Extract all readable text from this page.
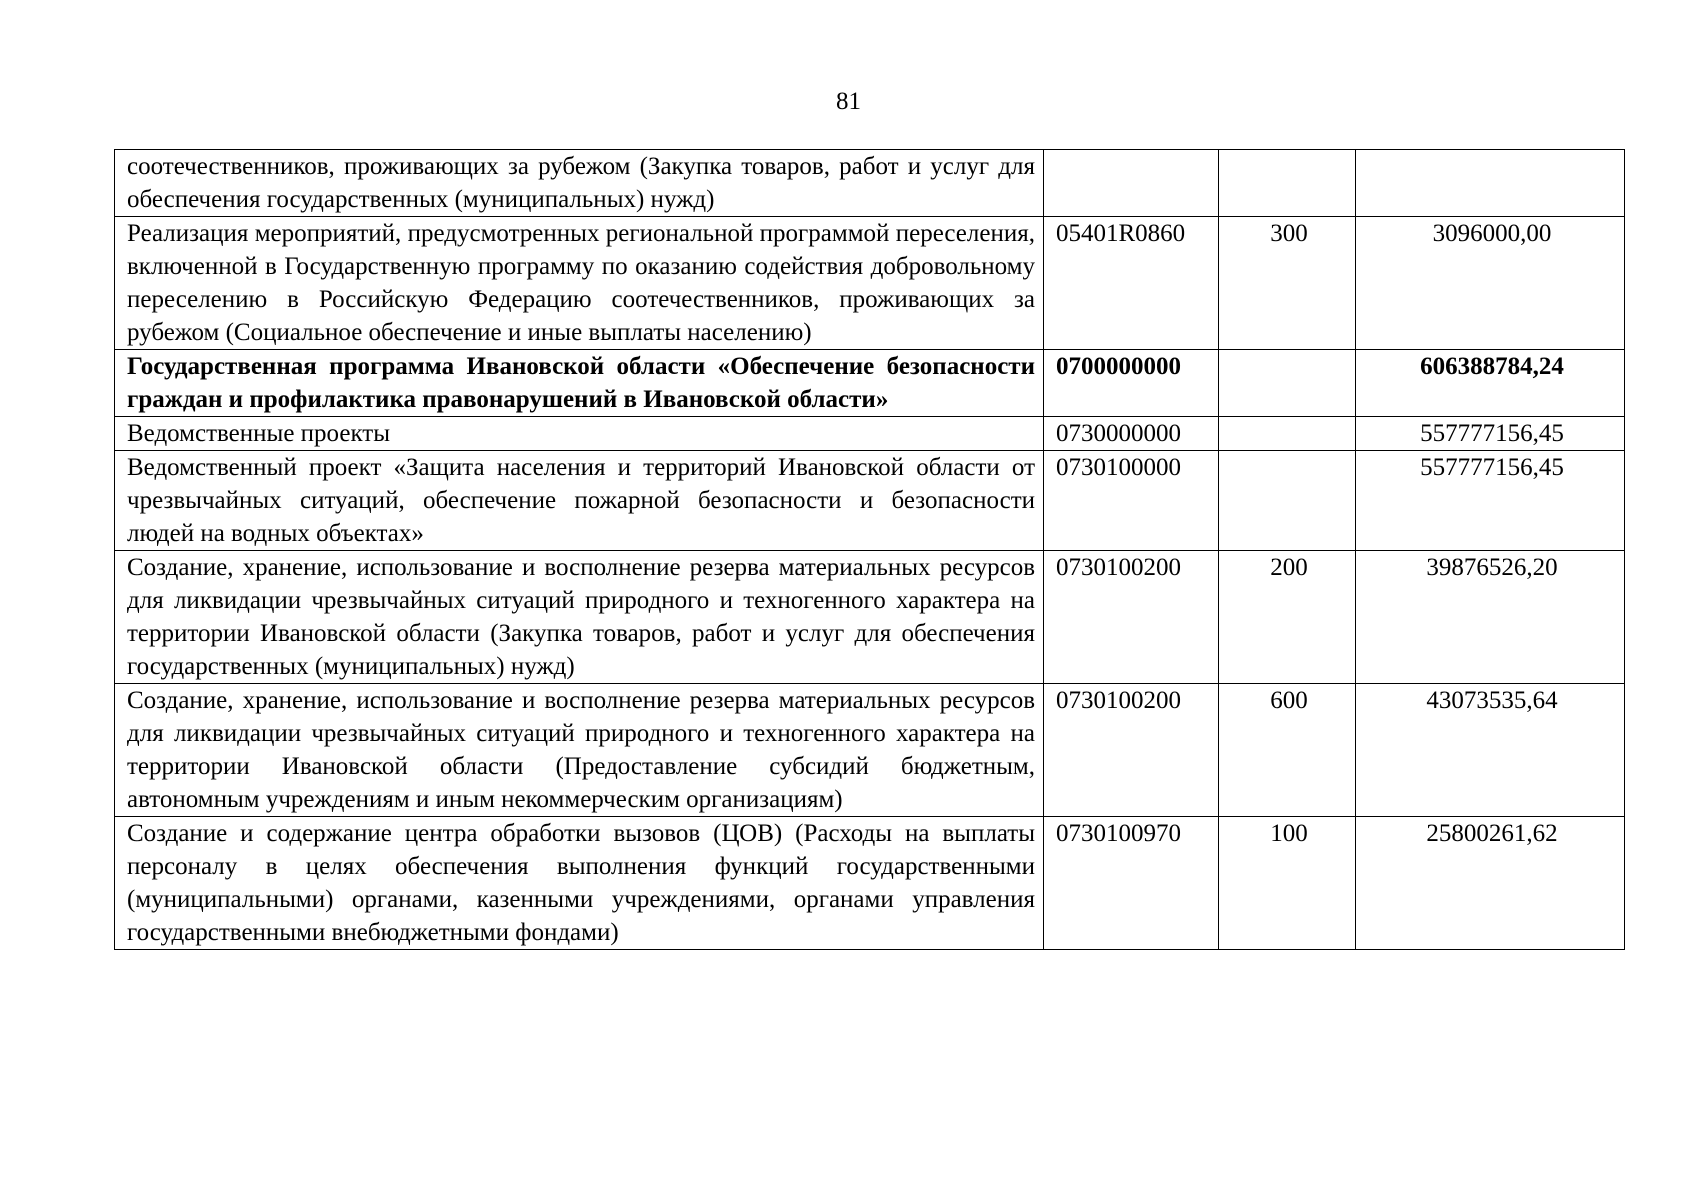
81
соотечественников, проживающих за рубежом (Закупка товаров, работ и услуг для обеспечения государственных (муниципальных) нужд)			
Реализация мероприятий, предусмотренных региональной программой переселения, включенной в Государственную программу по оказанию содействия добровольному переселению в Российскую Федерацию соотечественников, проживающих за рубежом (Социальное обеспечение и иные выплаты населению)	05401R0860	300	3096000,00
Государственная программа Ивановской области «Обеспечение безопасности граждан и профилактика правонарушений в Ивановской области»	0700000000		606388784,24
Ведомственные проекты	0730000000		557777156,45
Ведомственный проект «Защита населения и территорий Ивановской области от чрезвычайных ситуаций, обеспечение пожарной безопасности и безопасности людей на водных объектах»	0730100000		557777156,45
Создание, хранение, использование и восполнение резерва материальных ресурсов для ликвидации чрезвычайных ситуаций природного и техногенного характера на территории Ивановской области (Закупка товаров, работ и услуг для обеспечения государственных (муниципальных) нужд)	0730100200	200	39876526,20
Создание, хранение, использование и восполнение резерва материальных ресурсов для ликвидации чрезвычайных ситуаций природного и техногенного характера на территории Ивановской области (Предоставление субсидий бюджетным, автономным учреждениям и иным некоммерческим организациям)	0730100200	600	43073535,64
Создание и содержание центра обработки вызовов (ЦОВ) (Расходы на выплаты персоналу в целях обеспечения выполнения функций государственными (муниципальными) органами, казенными учреждениями, органами управления государственными внебюджетными фондами)	0730100970	100	25800261,62
